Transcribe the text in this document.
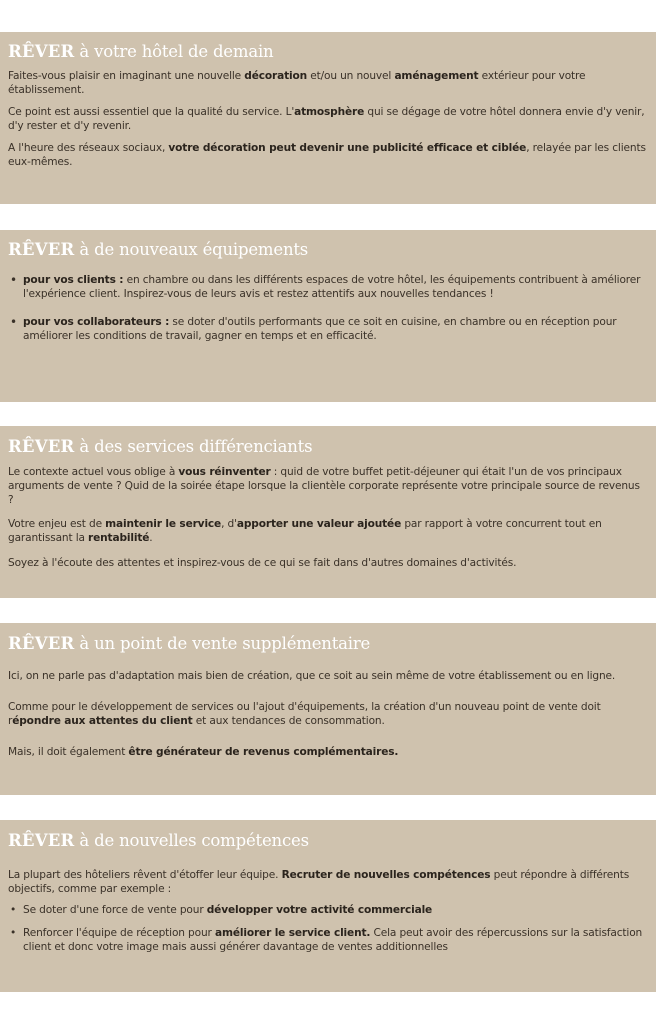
RÊVER à votre hôtel de demain

Faites-vous plaisir en imaginant une nouvelle décoration et/ou un nouvel aménagement extérieur pour votre établissement.

Ce point est aussi essentiel que la qualité du service. L'atmosphère qui se dégage de votre hôtel donnera envie d'y venir, d'y rester et d'y revenir.

A l'heure des réseaux sociaux, votre décoration peut devenir une publicité efficace et ciblée, relayée par les clients eux-mêmes.

RÊVER à de nouveaux équipements
• pour vos clients : en chambre ou dans les différents espaces de votre hôtel, les équipements contribuent à améliorer l'expérience client. Inspirez-vous de leurs avis et restez attentifs aux nouvelles tendances !
• pour vos collaborateurs : se doter d'outils performants que ce soit en cuisine, en chambre ou en réception pour améliorer les conditions de travail, gagner en temps et en efficacité.
RÊVER à des services différenciants

Le contexte actuel vous oblige à vous réinventer : quid de votre buffet petit-déjeuner qui était l'un de vos principaux arguments de vente ? Quid de la soirée étape lorsque la clientèle corporate représente votre principale source de revenus ?

Votre enjeu est de maintenir le service, d'apporter une valeur ajoutée par rapport à votre concurrent tout en garantissant la rentabilité.

Soyez à l'écoute des attentes et inspirez-vous de ce qui se fait dans d'autres domaines d'activités.

RÊVER à un point de vente supplémentaire

Ici, on ne parle pas d'adaptation mais bien de création, que ce soit au sein même de votre établissement ou en ligne.

Comme pour le développement de services ou l'ajout d'équipements, la création d'un nouveau point de vente doit répondre aux attentes du client et aux tendances de consommation.

Mais, il doit également être générateur de revenus complémentaires.

RÊVER à de nouvelles compétences

La plupart des hôteliers rêvent d'étoffer leur équipe. Recruter de nouvelles compétences peut répondre à différents objectifs, comme par exemple :

• Se doter d'une force de vente pour développer votre activité commerciale
• Renforcer l'équipe de réception pour améliorer le service client. Cela peut avoir des répercussions sur la satisfaction client et donc votre image mais aussi générer davantage de ventes additionnelles
